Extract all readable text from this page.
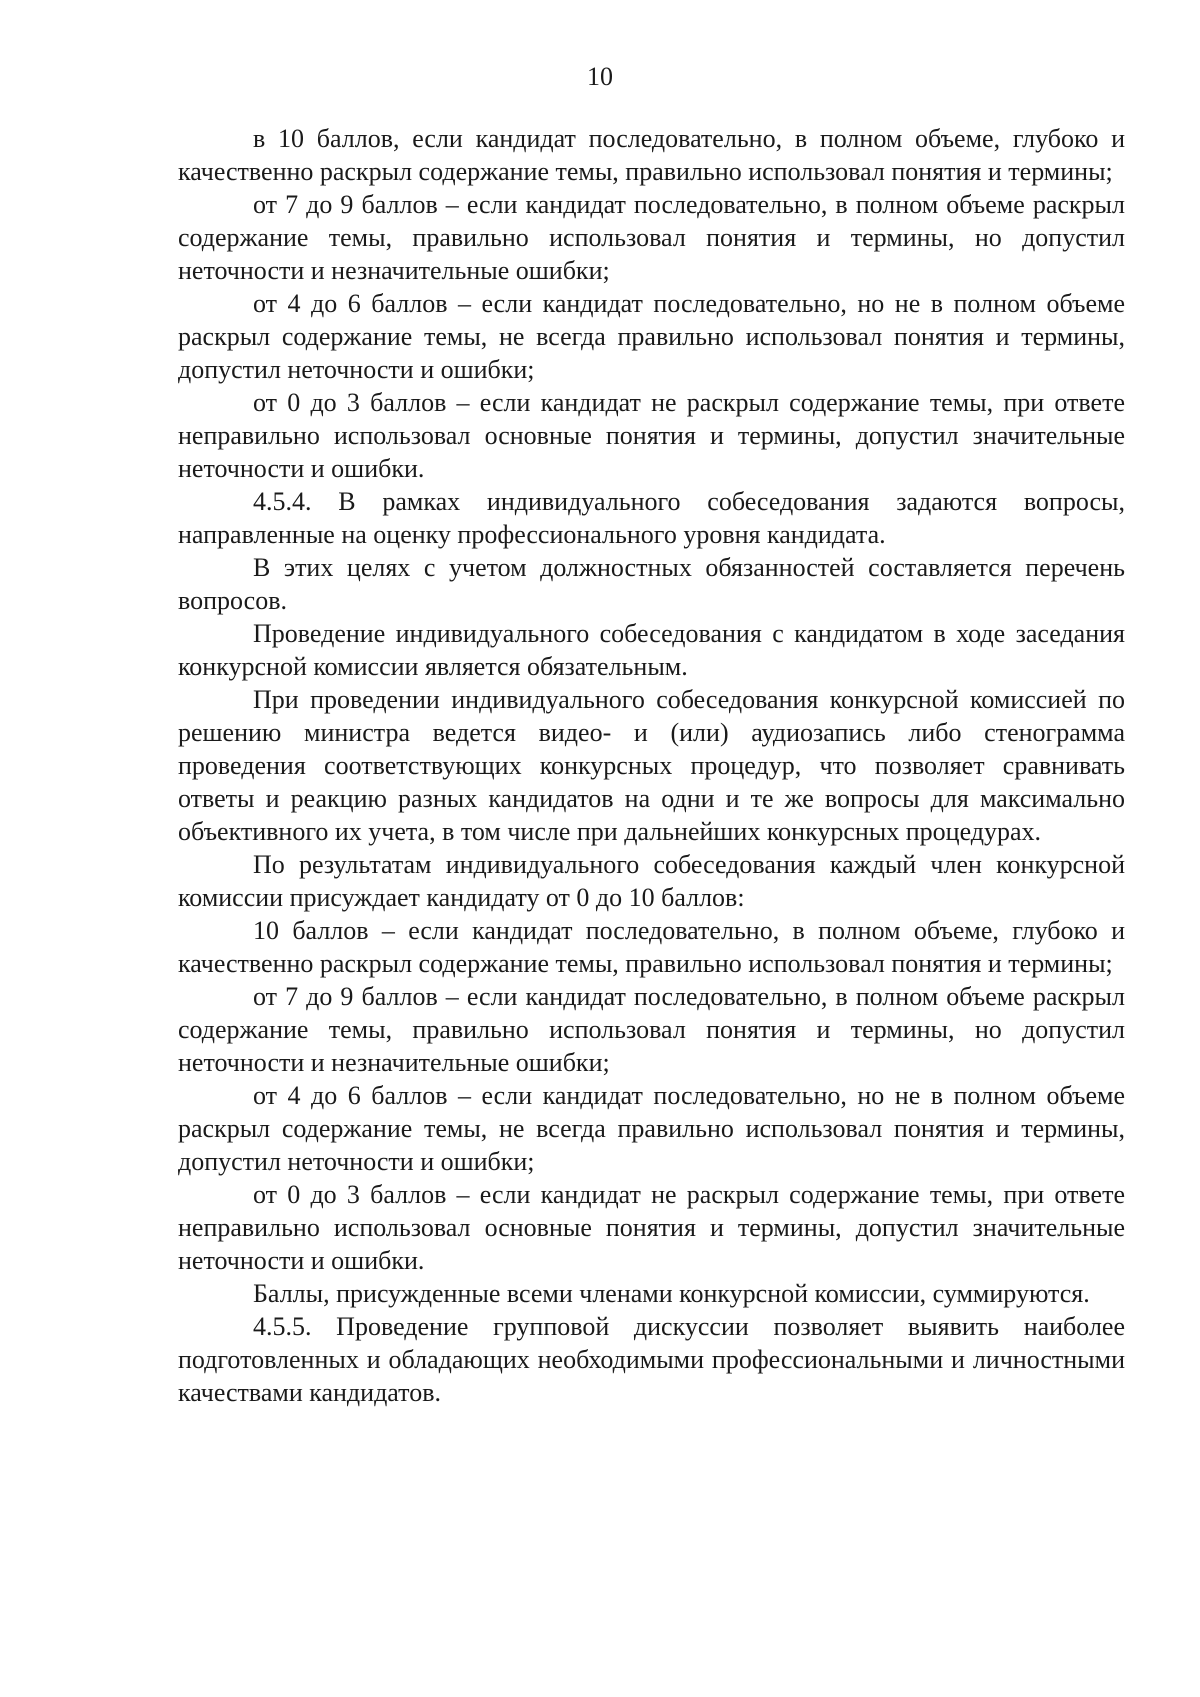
10

в 10 баллов, если кандидат последовательно, в полном объеме, глубоко и качественно раскрыл содержание темы, правильно использовал понятия и термины;

от 7 до 9 баллов – если кандидат последовательно, в полном объеме раскрыл содержание темы, правильно использовал понятия и термины, но допустил неточности и незначительные ошибки;

от 4 до 6 баллов – если кандидат последовательно, но не в полном объеме раскрыл содержание темы, не всегда правильно использовал понятия и термины, допустил неточности и ошибки;

от 0 до 3 баллов – если кандидат не раскрыл содержание темы, при ответе неправильно использовал основные понятия и термины, допустил значительные неточности и ошибки.

4.5.4. В рамках индивидуального собеседования задаются вопросы, направленные на оценку профессионального уровня кандидата.

В этих целях с учетом должностных обязанностей составляется перечень вопросов.

Проведение индивидуального собеседования с кандидатом в ходе заседания конкурсной комиссии является обязательным.

При проведении индивидуального собеседования конкурсной комиссией по решению министра ведется видео- и (или) аудиозапись либо стенограмма проведения соответствующих конкурсных процедур, что позволяет сравнивать ответы и реакцию разных кандидатов на одни и те же вопросы для максимально объективного их учета, в том числе при дальнейших конкурсных процедурах.

По результатам индивидуального собеседования каждый член конкурсной комиссии присуждает кандидату от 0 до 10 баллов:

10 баллов – если кандидат последовательно, в полном объеме, глубоко и качественно раскрыл содержание темы, правильно использовал понятия и термины;

от 7 до 9 баллов – если кандидат последовательно, в полном объеме раскрыл содержание темы, правильно использовал понятия и термины, но допустил неточности и незначительные ошибки;

от 4 до 6 баллов – если кандидат последовательно, но не в полном объеме раскрыл содержание темы, не всегда правильно использовал понятия и термины, допустил неточности и ошибки;

от 0 до 3 баллов – если кандидат не раскрыл содержание темы, при ответе неправильно использовал основные понятия и термины, допустил значительные неточности и ошибки.

Баллы, присужденные всеми членами конкурсной комиссии, суммируются.

4.5.5. Проведение групповой дискуссии позволяет выявить наиболее подготовленных и обладающих необходимыми профессиональными и личностными качествами кандидатов.
